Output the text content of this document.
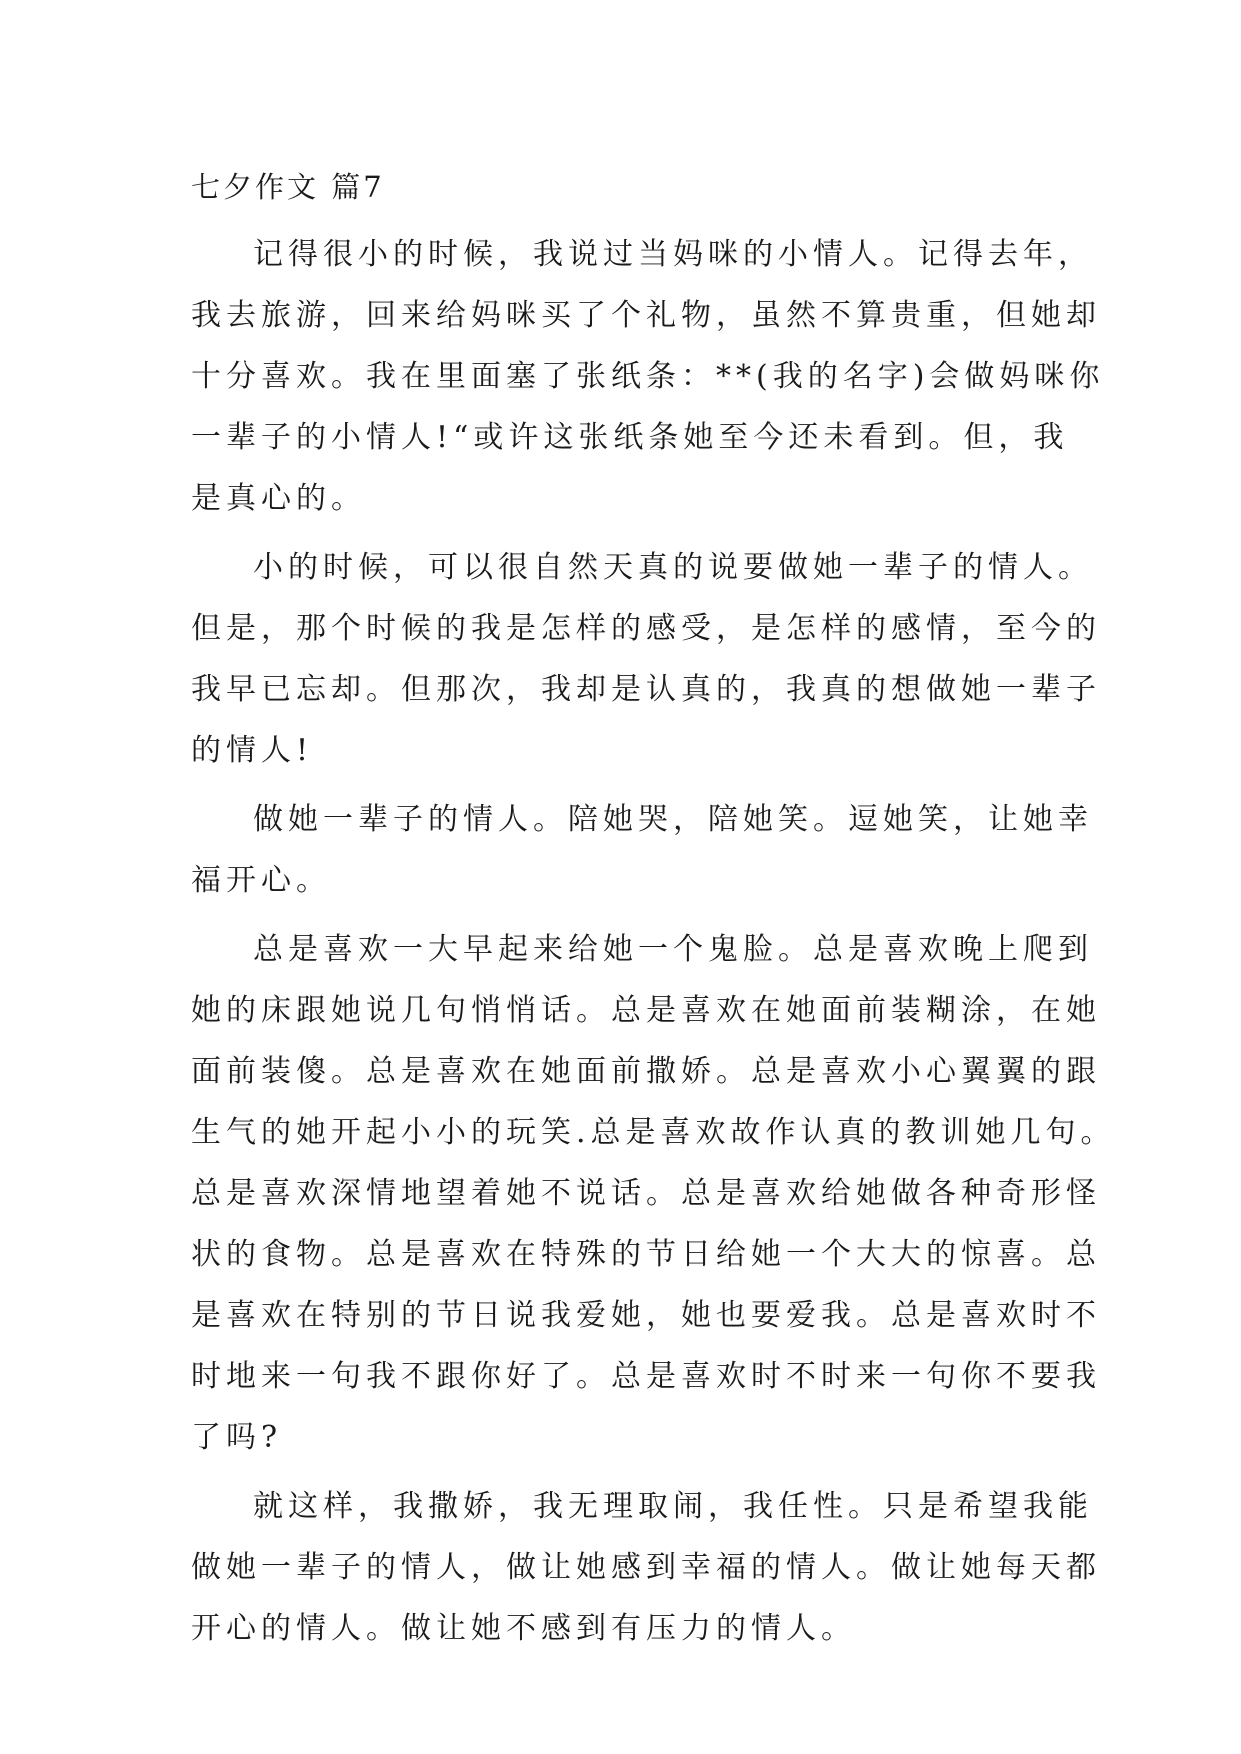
七夕作文 篇7
记得很小的时候，我说过当妈咪的小情人。记得去年，
我去旅游，回来给妈咪买了个礼物，虽然不算贵重，但她却
十分喜欢。我在里面塞了张纸条：**(我的名字)会做妈咪你
一辈子的小情人!“或许这张纸条她至今还未看到。但，我
是真心的。
小的时候，可以很自然天真的说要做她一辈子的情人。
但是，那个时候的我是怎样的感受，是怎样的感情，至今的
我早已忘却。但那次，我却是认真的，我真的想做她一辈子
的情人!
做她一辈子的情人。陪她哭，陪她笑。逗她笑，让她幸
福开心。
总是喜欢一大早起来给她一个鬼脸。总是喜欢晚上爬到
她的床跟她说几句悄悄话。总是喜欢在她面前装糊涂，在她
面前装傻。总是喜欢在她面前撒娇。总是喜欢小心翼翼的跟
生气的她开起小小的玩笑.总是喜欢故作认真的教训她几句。
总是喜欢深情地望着她不说话。总是喜欢给她做各种奇形怪
状的食物。总是喜欢在特殊的节日给她一个大大的惊喜。总
是喜欢在特别的节日说我爱她，她也要爱我。总是喜欢时不
时地来一句我不跟你好了。总是喜欢时不时来一句你不要我
了吗?
就这样，我撒娇，我无理取闹，我任性。只是希望我能
做她一辈子的情人，做让她感到幸福的情人。做让她每天都
开心的情人。做让她不感到有压力的情人。
